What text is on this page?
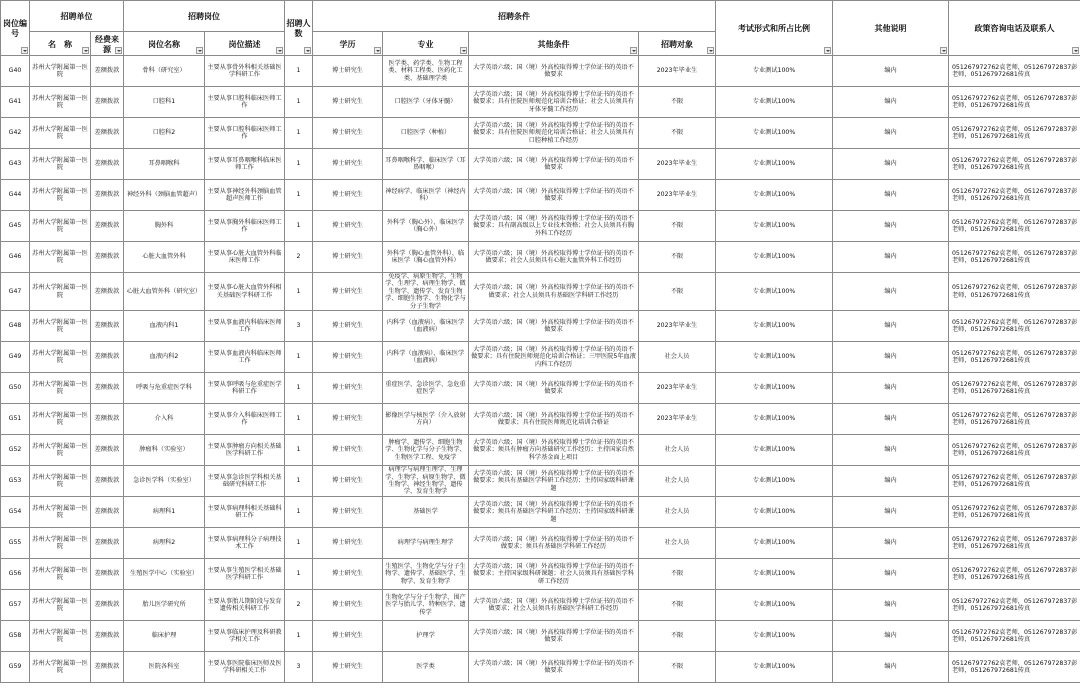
岗位编号	招聘单位		招聘岗位		招聘人数	招聘条件				考试形式和所占比例	其他说明	政策咨询电话及联系人

	名　称	经费来源	岗位名称	岗位描述		学历	专业	其他条件	招聘对象			

G40	苏州大学附属第一医院	差额拨款	骨科（研究室）	主要从事骨外科相关基础医学科研工作	1	博士研究生	医学类、药学类、生物工程类、材料工程类、医药化工类、基础理学类	大学英语六级；国（境）外高校取得博士学位证书的英语不做要求	2023年毕业生	专业测试100%	编内	051267972762袁老师，051267972837彭老师，051267972681传真
G41	苏州大学附属第一医院	差额拨款	口腔科1	主要从事口腔科临床医师工作	1	博士研究生	口腔医学（牙体牙髓）	大学英语六级；国（境）外高校取得博士学位证书的英语不做要求；具有住院医师规范化培训合格证；社会人员须具有牙体牙髓工作经历	不限	专业测试100%	编内	051267972762袁老师，051267972837彭老师，051267972681传真
G42	苏州大学附属第一医院	差额拨款	口腔科2	主要从事口腔科临床医师工作	1	博士研究生	口腔医学（种植）	大学英语六级；国（境）外高校取得博士学位证书的英语不做要求；具有住院医师规范化培训合格证；社会人员须具有口腔种植工作经历	不限	专业测试100%	编内	051267972762袁老师，051267972837彭老师，051267972681传真
G43	苏州大学附属第一医院	差额拨款	耳鼻咽喉科	主要从事耳鼻咽喉科临床医师工作	1	博士研究生	耳鼻咽喉科学、临床医学（耳鼻咽喉）	大学英语六级；国（境）外高校取得博士学位证书的英语不做要求	2023年毕业生	专业测试100%	编内	051267972762袁老师，051267972837彭老师，051267972681传真
G44	苏州大学附属第一医院	差额拨款	神经外科（颈脑血管超声）	主要从事神经外科颈脑血管超声医师工作	1	博士研究生	神经病学、临床医学（神经内科）	大学英语六级；国（境）外高校取得博士学位证书的英语不做要求	2023年毕业生	专业测试100%	编内	051267972762袁老师，051267972837彭老师，051267972681传真
G45	苏州大学附属第一医院	差额拨款	胸外科	主要从事胸外科临床医师工作	1	博士研究生	外科学（胸心外）、临床医学（胸心外）	大学英语六级；国（境）外高校取得博士学位证书的英语不做要求；具有副高级以上专业技术资格；社会人员须具有胸外科工作经历	不限	专业测试100%	编内	051267972762袁老师，051267972837彭老师，051267972681传真
G46	苏州大学附属第一医院	差额拨款	心脏大血管外科	主要从事心脏大血管外科临床医师工作	2	博士研究生	外科学（胸心血管外科）、临床医学（胸心血管外科）	大学英语六级；国（境）外高校取得博士学位证书的英语不做要求；社会人员须具有心脏大血管外科工作经历	不限	专业测试100%	编内	051267972762袁老师，051267972837彭老师，051267972681传真
G47	苏州大学附属第一医院	差额拨款	心脏大血管外科（研究室）	主要从事心脏大血管外科相关基础医学科研工作	1	博士研究生	免疫学、病原生物学、生物学、生理学、病理生物学、微生物学、遗传学、发育生物学、细胞生物学、生物化学与分子生物学	大学英语六级；国（境）外高校取得博士学位证书的英语不做要求；社会人员须具有基础医学科研工作经历	不限	专业测试100%	编内	051267972762袁老师，051267972837彭老师，051267972681传真
G48	苏州大学附属第一医院	差额拨款	血液内科1	主要从事血液内科临床医师工作	3	博士研究生	内科学（血液病）、临床医学（血液病）	大学英语六级；国（境）外高校取得博士学位证书的英语不做要求	2023年毕业生	专业测试100%	编内	051267972762袁老师，051267972837彭老师，051267972681传真
G49	苏州大学附属第一医院	差额拨款	血液内科2	主要从事血液内科临床医师工作	1	博士研究生	内科学（血液病）、临床医学（血液病）	大学英语六级；国（境）外高校取得博士学位证书的英语不做要求；具有住院医师规范化培训合格证；三甲医院5年血液内科工作经历	社会人员	专业测试100%	编内	051267972762袁老师，051267972837彭老师，051267972681传真
G50	苏州大学附属第一医院	差额拨款	呼吸与危重症医学科	主要从事呼吸与危重症医学科研工作	1	博士研究生	重症医学、急诊医学、急危重症医学	大学英语六级；国（境）外高校取得博士学位证书的英语不做要求	2023年毕业生	专业测试100%	编内	051267972762袁老师，051267972837彭老师，051267972681传真
G51	苏州大学附属第一医院	差额拨款	介入科	主要从事介入科临床医师工作	1	博士研究生	影像医学与核医学（介入放射方向）	大学英语六级；国（境）外高校取得博士学位证书的英语不做要求；具有住院医师规范化培训合格证	2023年毕业生	专业测试100%	编内	051267972762袁老师，051267972837彭老师，051267972681传真
G52	苏州大学附属第一医院	差额拨款	肿瘤科（实验室）	主要从事肿瘤方向相关基础医学科研工作	1	博士研究生	肿瘤学、遗传学、细胞生物学、生物化学与分子生物学、生物医学工程、免疫学	大学英语六级；国（境）外高校取得博士学位证书的英语不做要求；须具有肿瘤方向基础研究工作经历；主持国家自然科学基金面上项目	社会人员	专业测试100%	编内	051267972762袁老师，051267972837彭老师，051267972681传真
G53	苏州大学附属第一医院	差额拨款	急诊医学科（实验室）	主要从事急诊医学科相关基础研究科研工作	1	博士研究生	病理学与病理生理学、生理学、生物学、病原生物学、微生物学、神经生物学、遗传学、发育生物学	大学英语六级；国（境）外高校取得博士学位证书的英语不做要求；须具有基础医学科研工作经历；主持国家级科研课题	社会人员	专业测试100%	编内	051267972762袁老师，051267972837彭老师，051267972681传真
G54	苏州大学附属第一医院	差额拨款	病理科1	主要从事病理科相关基础科研工作	1	博士研究生	基础医学	大学英语六级；国（境）外高校取得博士学位证书的英语不做要求；须具有基础医学科研工作经历；主持国家级科研课题	社会人员	专业测试100%	编内	051267972762袁老师，051267972837彭老师，051267972681传真
G55	苏州大学附属第一医院	差额拨款	病理科2	主要从事病理科分子病理技术工作	1	博士研究生	病理学与病理生理学	大学英语六级；国（境）外高校取得博士学位证书的英语不做要求；须具有基础医学科研工作经历	社会人员	专业测试100%	编内	051267972762袁老师，051267972837彭老师，051267972681传真
G56	苏州大学附属第一医院	差额拨款	生殖医学中心（实验室）	主要从事生殖医学相关基础医学科研工作	1	博士研究生	生殖医学、生物化学与分子生物学、遗传学、基础医学、生物学、发育生物学	大学英语六级；国（境）外高校取得博士学位证书的英语不做要求；主持国家级科研课题；社会人员须具有基础医学科研工作经历	不限	专业测试100%	编内	051267972762袁老师，051267972837彭老师，051267972681传真
G57	苏州大学附属第一医院	差额拨款	胎儿医学研究所	主要从事胎儿期阶段与发育遗传相关科研工作	2	博士研究生	生物化学与分子生物学、围产医学与胎儿学、特种医学、遗传学	大学英语六级；国（境）外高校取得博士学位证书的英语不做要求；社会人员须具有基础医学科研工作经历	不限	专业测试100%	编内	051267972762袁老师，051267972837彭老师，051267972681传真
G58	苏州大学附属第一医院	差额拨款	临床护理	主要从事临床护理及科研教学相关工作	1	博士研究生	护理学	大学英语六级；国（境）外高校取得博士学位证书的英语不做要求	不限	专业测试100%	编内	051267972762袁老师，051267972837彭老师，051267972681传真
G59	苏州大学附属第一医院	差额拨款	医院各科室	主要从事医院临床医师及医学科研相关工作	3	博士研究生	医学类	大学英语六级；国（境）外高校取得博士学位证书的英语不做要求	不限	专业测试100%	编内	051267972762袁老师，051267972837彭老师，051267972681传真
